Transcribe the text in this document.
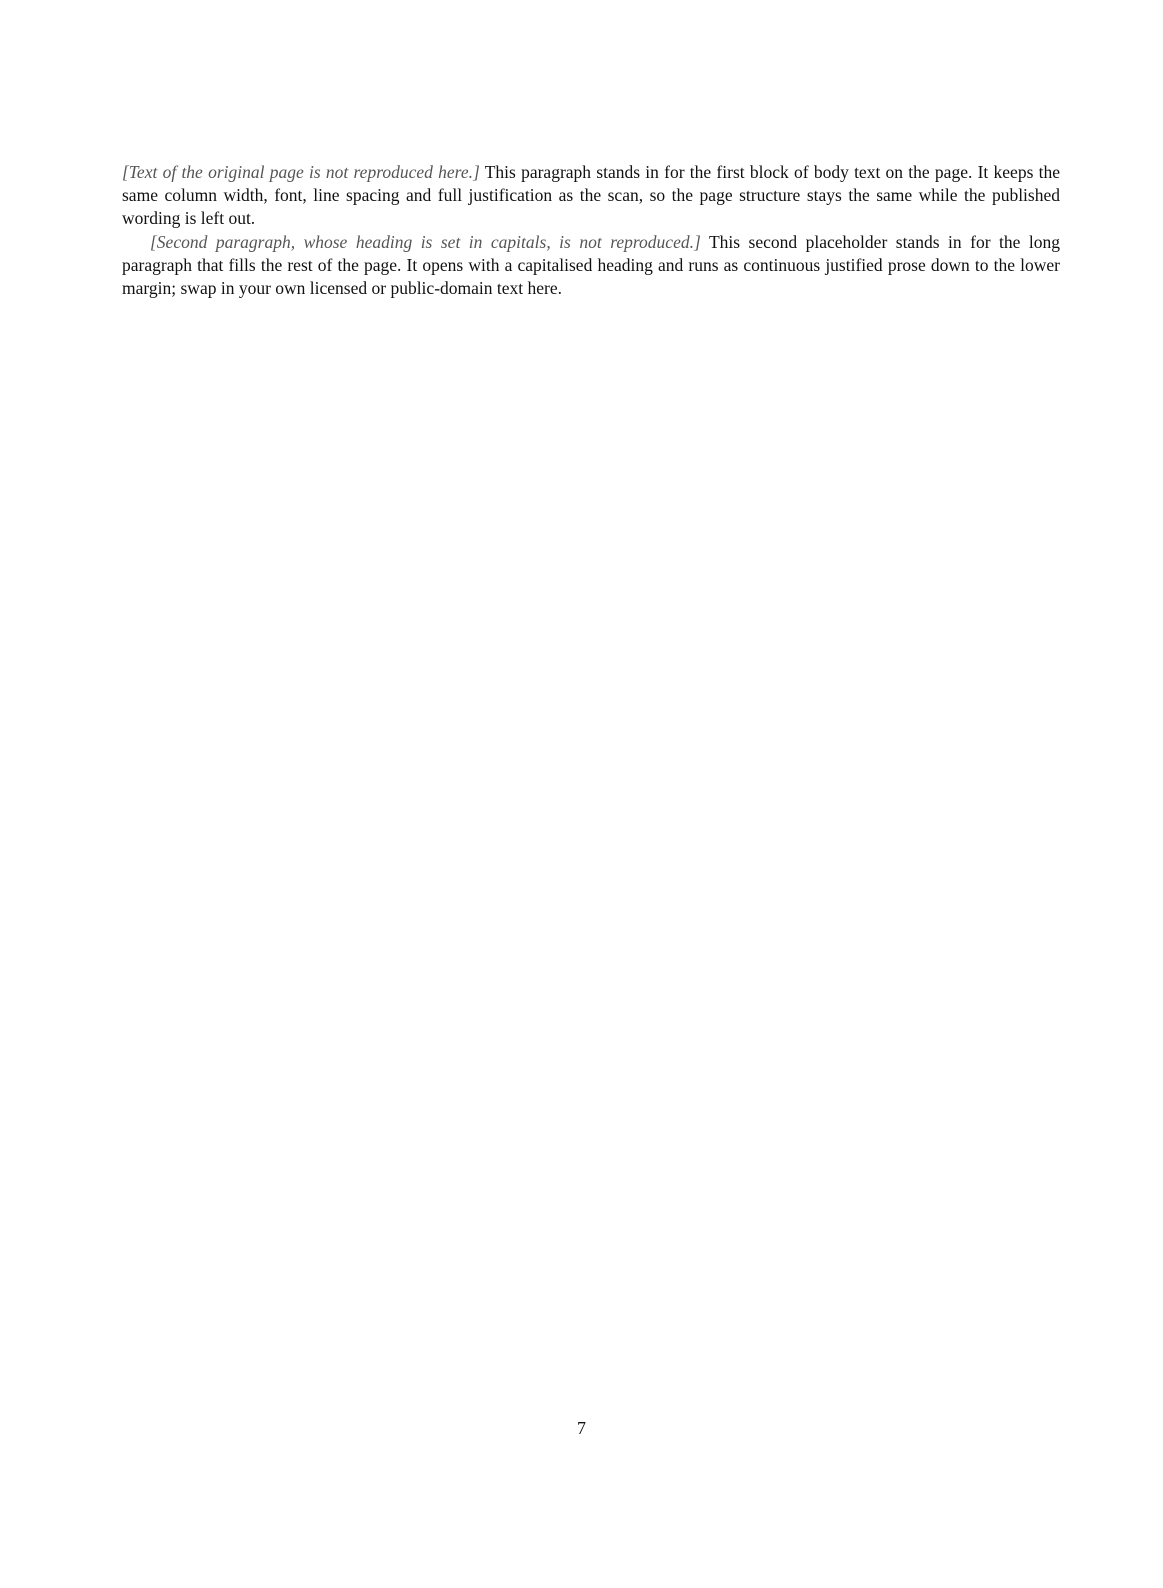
[Text of the original page is not reproduced here.] This paragraph stands in for the first block of body text on the page. It keeps the same column width, font, line spacing and full justification as the scan, so the page structure stays the same while the published wording is left out.

[Second paragraph, whose heading is set in capitals, is not reproduced.] This second placeholder stands in for the long paragraph that fills the rest of the page. It opens with a capitalised heading and runs as continuous justified prose down to the lower margin; swap in your own licensed or public-domain text here.

7
